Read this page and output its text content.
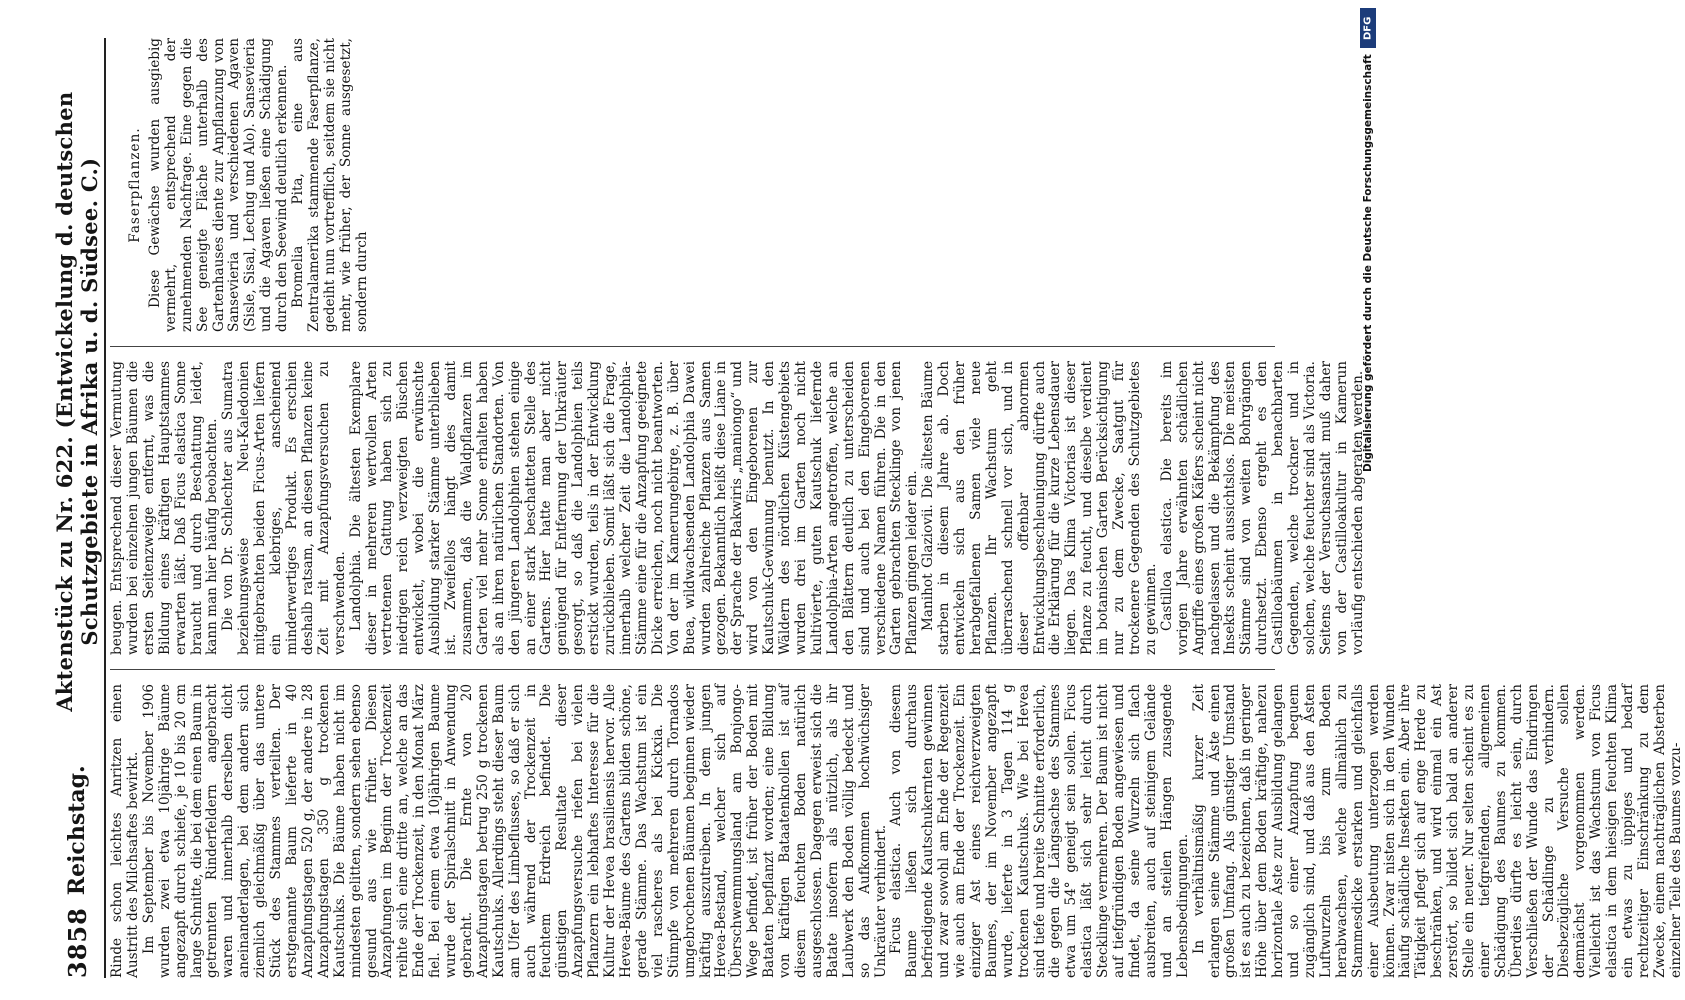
3858
Reichstag.
Aktenstück zu Nr. 622. (Entwickelung d. deutschen Schutzgebiete in Afrika u. d. Südsee. C.)

Rinde schon leichtes Anritzen einen Austritt des Milchsaftes bewirkt. Im September bis November 1906 wurden zwei etwa 10jährige Bäume angezapft durch schiefe, je 10 bis 20 cm lange Schnitte, die bei dem einen Baum in getrennten Rinderfeldern angebracht waren und innerhalb derselben dicht aneinanderlagen, bei dem andern sich ziemlich gleichmäßig über das untere Stück des Stammes verteilten. Der erstgenannte Baum lieferte in 40 Anzapfungstagen 520 g, der andere in 28 Anzapfungstagen 350 g trockenen Kautschuks. Die Bäume haben nicht im mindesten gelitten, sondern sehen ebenso gesund aus wie früher. Diesen Anzapfungen im Beginn der Trockenzeit reihte sich eine dritte an, welche an das Ende der Trockenzeit, in den Monat März fiel. Bei einem etwa 10jährigen Baume wurde der Spiralschnitt in Anwendung gebracht. Die Ernte von 20 Anzapfungstagen betrug 250 g trockenen Kautschuks. Allerdings steht dieser Baum am Ufer des Limbeflusses, so daß er sich auch während der Trockenzeit in feuchtem Erdreich befindet. Die günstigen Resultate dieser Anzapfungsversuche riefen bei vielen Pflanzern ein lebhaftes Interesse für die Kultur der Hevea brasiliensis hervor. Alle Hevea-Bäume des Gartens bilden schöne, gerade Stämme. Das Wachstum ist ein viel rascheres als bei Kickxia. Die Stümpfe von mehreren durch Tornados umgebrochenen Bäumen beginnen wieder kräftig auszutreiben. In dem jungen Hevea-Bestand, welcher sich auf Überschwemmungsland am Bonjongo-Wege befindet, ist früher der Boden mit Bataten bepflanzt worden; eine Bildung von kräftigen Bataatenknollen ist auf diesem feuchten Boden natürlich ausgeschlossen. Dagegen erweist sich die Batate insofern als nützlich, als ihr Laubwerk den Boden völlig bedeckt und so das Aufkommen hochwüchsiger Unkräuter verhindert. Ficus elastica. Auch von diesem Baume ließen sich durchaus befriedigende Kautschukernten gewinnen und zwar sowohl am Ende der Regenzeit wie auch am Ende der Trockenzeit. Ein einziger Ast eines reichverzweigten Baumes, der im November angezapft wurde, lieferte in 3 Tagen 114 g trockenen Kautschuks. Wie bei Hevea sind tiefe und breite Schnitte erforderlich, die gegen die Längsachse des Stammes etwa um 54° geneigt sein sollen. Ficus elastica läßt sich sehr leicht durch Stecklinge vermehren. Der Baum ist nicht auf tiefgründigen Boden angewiesen und findet, da seine Wurzeln sich flach ausbreiten, auch auf steinigem Gelände und an steilen Hängen zusagende Lebensbedingungen. In verhältnismäßig kurzer Zeit erlangen seine Stämme und Äste einen großen Umfang. Als günstiger Umstand ist es auch zu bezeichnen, daß in geringer Höhe über dem Boden kräftige, nahezu horizontale Äste zur Ausbildung gelangen und so einer Anzapfung bequem zugänglich sind, und daß aus den Ästen Luftwurzeln bis zum Boden herabwachsen, welche allmählich zu Stammesdicke erstarken und gleichfalls einer Ausbeutung unterzogen werden können. Zwar nisten sich in den Wunden häufig schädliche Insekten ein. Aber ihre Tätigkeit pflegt sich auf enge Herde zu beschränken, und wird einmal ein Ast zerstört, so bildet sich bald an anderer Stelle ein neuer. Nur selten scheint es zu einer tiefgreifenden, allgemeinen Schädigung des Baumes zu kommen. Überdies dürfte es leicht sein, durch Verschließen der Wunde das Eindringen der Schädlinge zu verhindern. Diesbezügliche Versuche sollen demnächst vorgenommen werden. Vielleicht ist das Wachstum von Ficus elastica in dem hiesigen feuchten Klima ein etwas zu üppiges und bedarf rechtzeitiger Einschränkung zu dem Zwecke, einem nachträglichen Absterben einzelner Teile des Baumes vorzu-

beugen. Entsprechend dieser Vermutung wurden bei einzelnen jungen Bäumen die ersten Seitenzweige entfernt, was die Bildung eines kräftigen Hauptstammes erwarten läßt. Daß Ficus elastica Sonne braucht und durch Beschattung leidet, kann man hier häufig beobachten. Die von Dr. Schlechter aus Sumatra beziehungsweise Neu-Kaledonien mitgebrachten beiden Ficus-Arten liefern ein klebriges, anscheinend minderwertiges Produkt. Es erschien deshalb ratsam, an diesen Pflanzen keine Zeit mit Anzapfungsversuchen zu verschwenden. Landolphia. Die ältesten Exemplare dieser in mehreren wertvollen Arten vertretenen Gattung haben sich zu niedrigen reich verzweigten Büschen entwickelt, wobei die erwünschte Ausbildung starker Stämme unterblieben ist. Zweifellos hängt dies damit zusammen, daß die Waldpflanzen im Garten viel mehr Sonne erhalten haben als an ihren natürlichen Standorten. Von den jüngeren Landolphien stehen einige an einer stark beschatteten Stelle des Gartens. Hier hatte man aber nicht genügend für Entfernung der Unkräuter gesorgt, so daß die Landolphien teils erstickt wurden, teils in der Entwicklung zurückblieben. Somit läßt sich die Frage, innerhalb welcher Zeit die Landolphia-Stämme eine für die Anzapfung geeignete Dicke erreichen, noch nicht beantworten. Von der im Kamerungebirge, z. B. über Buea, wildwachsenden Landolphia Dawei wurden zahlreiche Pflanzen aus Samen gezogen. Bekanntlich heißt diese Liane in der Sprache der Bakwiris „maniongo“ und wird von den Eingeborenen zur Kautschuk-Gewinnung benutzt. In den Wäldern des nördlichen Küstengebiets wurden drei im Garten noch nicht kultivierte, guten Kautschuk liefernde Landolphia-Arten angetroffen, welche an den Blättern deutlich zu unterscheiden sind und auch bei den Eingeborenen verschiedene Namen führen. Die in den Garten gebrachten Stecklinge von jenen Pflanzen gingen leider ein. Manihot Glaziovii. Die ältesten Bäume starben in diesem Jahre ab. Doch entwickeln sich aus den früher herabgefallenen Samen viele neue Pflanzen. Ihr Wachstum geht überraschend schnell vor sich, und in dieser offenbar abnormen Entwicklungsbeschleunigung dürfte auch die Erklärung für die kurze Lebensdauer liegen. Das Klima Victorias ist dieser Pflanze zu feucht, und dieselbe verdient im botanischen Garten Berücksichtigung nur zu dem Zwecke, Saatgut für trockenere Gegenden des Schutzgebietes zu gewinnen. Castilloa elastica. Die bereits im vorigen Jahre erwähnten schädlichen Angriffe eines großen Käfers scheint nicht nachgelassen und die Bekämpfung des Insekts scheint aussichtslos. Die meisten Stämme sind von weiten Bohrgängen durchsetzt. Ebenso ergeht es den Castilloabäumen in benachbarten Gegenden, welche trockner und in solchen, welche feuchter sind als Victoria. Seitens der Versuchsanstalt muß daher von der Castilloakultur in Kamerun vorläufig entschieden abgeraten werden.

Faserpflanzen. Diese Gewächse wurden ausgiebig vermehrt, entsprechend der zunehmenden Nachfrage. Eine gegen die See geneigte Fläche unterhalb des Gartenhauses diente zur Anpflanzung von Sansevieria und verschiedenen Agaven (Sisle, Sisal, Lechug und Alo). Sansevieria und die Agaven ließen eine Schädigung durch den Seewind deutlich erkennen. Bromelia Pita, eine aus Zentralamerika stammende Faserpflanze, gedeiht nun vortrefflich, seitdem sie nicht mehr, wie früher, der Sonne ausgesetzt, sondern durch

DFG
Digitalisierung gefördert durch die Deutsche Forschungsgemeinschaft
